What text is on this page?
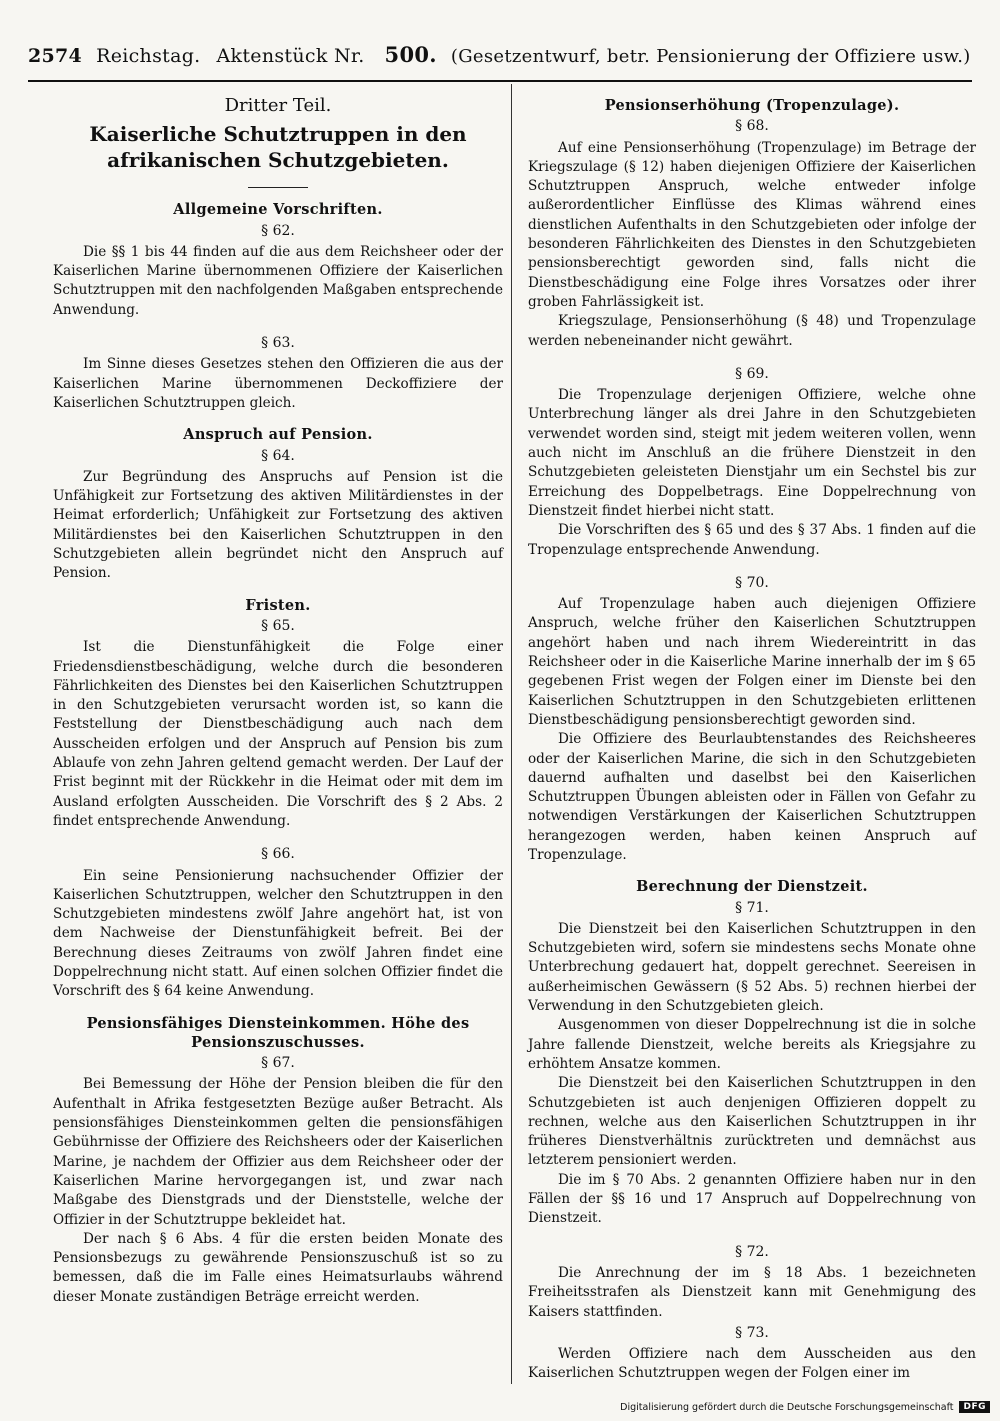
2574 Reichstag. Aktenstück Nr. 500. (Gesetzentwurf, betr. Pensionierung der Offiziere usw.)
Dritter Teil.
Kaiserliche Schutztruppen in den afrikanischen Schutzgebieten.
Allgemeine Vorschriften.
§ 62.

Die §§ 1 bis 44 finden auf die aus dem Reichsheer oder der Kaiserlichen Marine übernommenen Offiziere der Kaiserlichen Schutztruppen mit den nachfolgenden Maßgaben entsprechende Anwendung.

§ 63.

Im Sinne dieses Gesetzes stehen den Offizieren die aus der Kaiserlichen Marine übernommenen Deckoffiziere der Kaiserlichen Schutztruppen gleich.

Anspruch auf Pension.
§ 64.

Zur Begründung des Anspruchs auf Pension ist die Unfähigkeit zur Fortsetzung des aktiven Militärdienstes in der Heimat erforderlich; Unfähigkeit zur Fortsetzung des aktiven Militärdienstes bei den Kaiserlichen Schutztruppen in den Schutzgebieten allein begründet nicht den Anspruch auf Pension.

Fristen.
§ 65.

Ist die Dienstunfähigkeit die Folge einer Friedensdienstbeschädigung, welche durch die besonderen Fährlichkeiten des Dienstes bei den Kaiserlichen Schutztruppen in den Schutzgebieten verursacht worden ist, so kann die Feststellung der Dienstbeschädigung auch nach dem Ausscheiden erfolgen und der Anspruch auf Pension bis zum Ablaufe von zehn Jahren geltend gemacht werden. Der Lauf der Frist beginnt mit der Rückkehr in die Heimat oder mit dem im Ausland erfolgten Ausscheiden. Die Vorschrift des § 2 Abs. 2 findet entsprechende Anwendung.

§ 66.

Ein seine Pensionierung nachsuchender Offizier der Kaiserlichen Schutztruppen, welcher den Schutztruppen in den Schutzgebieten mindestens zwölf Jahre angehört hat, ist von dem Nachweise der Dienstunfähigkeit befreit. Bei der Berechnung dieses Zeitraums von zwölf Jahren findet eine Doppelrechnung nicht statt. Auf einen solchen Offizier findet die Vorschrift des § 64 keine Anwendung.

Pensionsfähiges Diensteinkommen. Höhe des Pensionszuschusses.
§ 67.

Bei Bemessung der Höhe der Pension bleiben die für den Aufenthalt in Afrika festgesetzten Bezüge außer Betracht. Als pensionsfähiges Diensteinkommen gelten die pensionsfähigen Gebührnisse der Offiziere des Reichsheers oder der Kaiserlichen Marine, je nachdem der Offizier aus dem Reichsheer oder der Kaiserlichen Marine hervorgegangen ist, und zwar nach Maßgabe des Dienstgrads und der Dienststelle, welche der Offizier in der Schutztruppe bekleidet hat.

Der nach § 6 Abs. 4 für die ersten beiden Monate des Pensionsbezugs zu gewährende Pensionszuschuß ist so zu bemessen, daß die im Falle eines Heimatsurlaubs während dieser Monate zuständigen Beträge erreicht werden.

Pensionserhöhung (Tropenzulage).
§ 68.

Auf eine Pensionserhöhung (Tropenzulage) im Betrage der Kriegszulage (§ 12) haben diejenigen Offiziere der Kaiserlichen Schutztruppen Anspruch, welche entweder infolge außerordentlicher Einflüsse des Klimas während eines dienstlichen Aufenthalts in den Schutzgebieten oder infolge der besonderen Fährlichkeiten des Dienstes in den Schutzgebieten pensionsberechtigt geworden sind, falls nicht die Dienstbeschädigung eine Folge ihres Vorsatzes oder ihrer groben Fahrlässigkeit ist.

Kriegszulage, Pensionserhöhung (§ 48) und Tropenzulage werden nebeneinander nicht gewährt.

§ 69.

Die Tropenzulage derjenigen Offiziere, welche ohne Unterbrechung länger als drei Jahre in den Schutzgebieten verwendet worden sind, steigt mit jedem weiteren vollen, wenn auch nicht im Anschluß an die frühere Dienstzeit in den Schutzgebieten geleisteten Dienstjahr um ein Sechstel bis zur Erreichung des Doppelbetrags. Eine Doppelrechnung von Dienstzeit findet hierbei nicht statt.

Die Vorschriften des § 65 und des § 37 Abs. 1 finden auf die Tropenzulage entsprechende Anwendung.

§ 70.

Auf Tropenzulage haben auch diejenigen Offiziere Anspruch, welche früher den Kaiserlichen Schutztruppen angehört haben und nach ihrem Wiedereintritt in das Reichsheer oder in die Kaiserliche Marine innerhalb der im § 65 gegebenen Frist wegen der Folgen einer im Dienste bei den Kaiserlichen Schutztruppen in den Schutzgebieten erlittenen Dienstbeschädigung pensionsberechtigt geworden sind.

Die Offiziere des Beurlaubtenstandes des Reichsheeres oder der Kaiserlichen Marine, die sich in den Schutzgebieten dauernd aufhalten und daselbst bei den Kaiserlichen Schutztruppen Übungen ableisten oder in Fällen von Gefahr zu notwendigen Verstärkungen der Kaiserlichen Schutztruppen herangezogen werden, haben keinen Anspruch auf Tropenzulage.

Berechnung der Dienstzeit.
§ 71.

Die Dienstzeit bei den Kaiserlichen Schutztruppen in den Schutzgebieten wird, sofern sie mindestens sechs Monate ohne Unterbrechung gedauert hat, doppelt gerechnet. Seereisen in außerheimischen Gewässern (§ 52 Abs. 5) rechnen hierbei der Verwendung in den Schutzgebieten gleich.

Ausgenommen von dieser Doppelrechnung ist die in solche Jahre fallende Dienstzeit, welche bereits als Kriegsjahre zu erhöhtem Ansatze kommen.

Die Dienstzeit bei den Kaiserlichen Schutztruppen in den Schutzgebieten ist auch denjenigen Offizieren doppelt zu rechnen, welche aus den Kaiserlichen Schutztruppen in ihr früheres Dienstverhältnis zurücktreten und demnächst aus letzterem pensioniert werden.

Die im § 70 Abs. 2 genannten Offiziere haben nur in den Fällen der §§ 16 und 17 Anspruch auf Doppelrechnung von Dienstzeit.

§ 72.

Die Anrechnung der im § 18 Abs. 1 bezeichneten Freiheitsstrafen als Dienstzeit kann mit Genehmigung des Kaisers stattfinden.

§ 73.

Werden Offiziere nach dem Ausscheiden aus den Kaiserlichen Schutztruppen wegen der Folgen einer im

Digitalisierung gefördert durch die Deutsche Forschungsgemeinschaft	DFG
